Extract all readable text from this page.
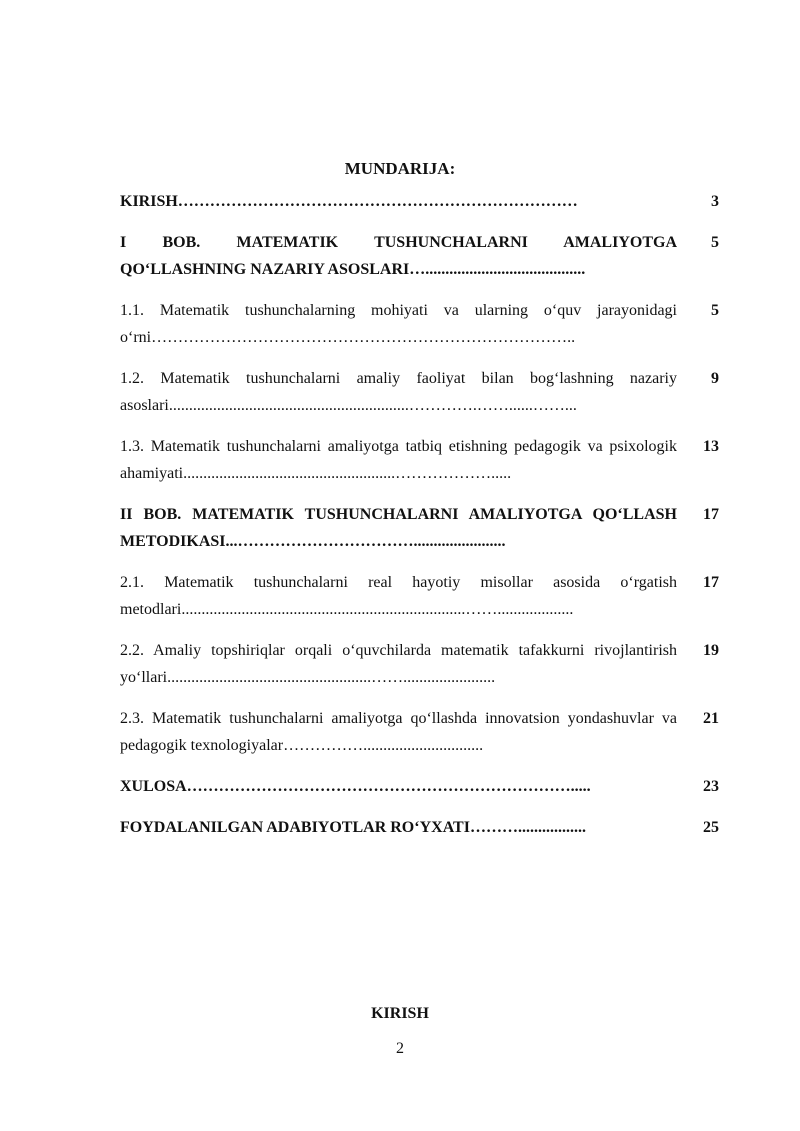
MUNDARIJA:
KIRISH…………………………………………………………………	3

I BOB. MATEMATIK TUSHUNCHALARNI AMALIYOTGA QO‘LLASHNING NAZARIY ASOSLARI…........................................	5

1.1. Matematik tushunchalarning mohiyati va ularning o‘quv jarayonidagi o‘rni……………………………………………………………………..	5

1.2. Matematik tushunchalarni amaliy faoliyat bilan bog‘lashning nazariy asoslari............................................................………….……......……...	9

1.3. Matematik tushunchalarni amaliyotga tatbiq etishning pedagogik va psixologik ahamiyati.....................................................……………….....	13

II BOB. MATEMATIK TUSHUNCHALARNI AMALIYOTGA QO‘LLASH METODIKASI...…………………………….......................	17

2.1. Matematik tushunchalarni real hayotiy misollar asosida o‘rgatish metodlari.......................................................................……...................	17

2.2. Amaliy topshiriqlar orqali o‘quvchilarda matematik tafakkurni rivojlantirish yo‘llari...................................................…….......................	19

2.3. Matematik tushunchalarni amaliyotga qo‘llashda innovatsion yondashuvlar va pedagogik texnologiyalar……………..............................	21

XULOSA……………………………………………………………….....	23

FOYDALANILGAN ADABIYOTLAR RO‘YXATI……….................	25
KIRISH
2
